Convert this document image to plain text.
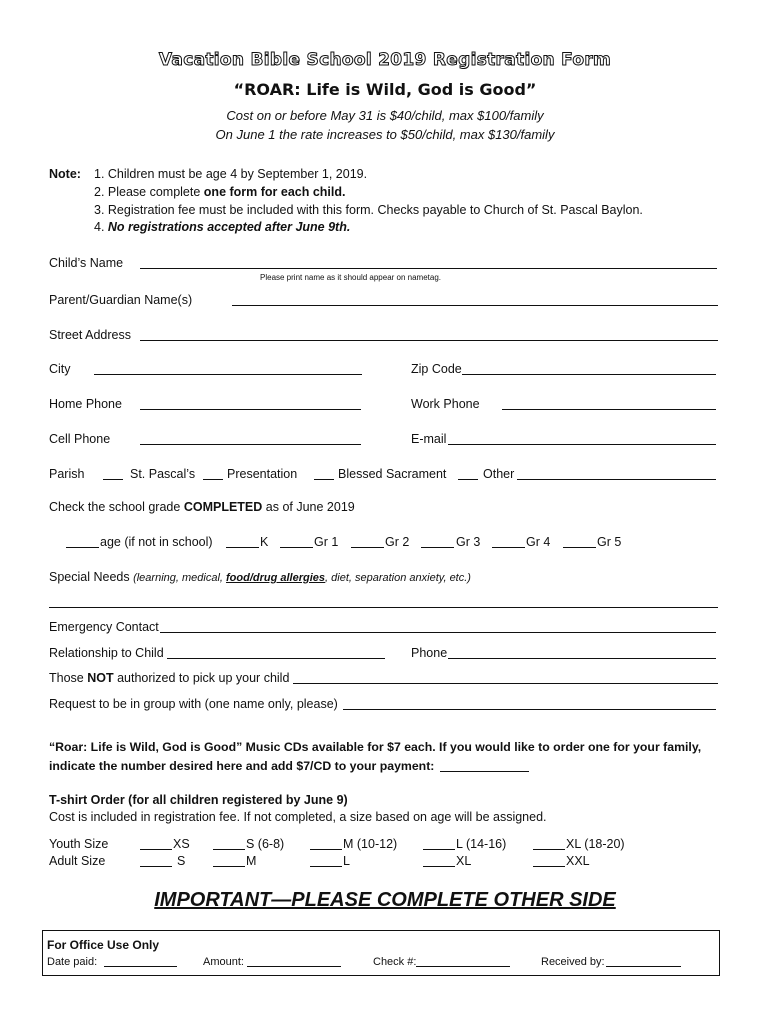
Vacation Bible School 2019 Registration Form
“ROAR: Life is Wild, God is Good”
Cost on or before May 31 is $40/child, max $100/family
On June 1 the rate increases to $50/child, max $130/family
Note: 1. Children must be age 4 by September 1, 2019.
2. Please complete one form for each child.
3. Registration fee must be included with this form. Checks payable to Church of St. Pascal Baylon.
4. No registrations accepted after June 9th.
Child’s Name
Please print name as it should appear on nametag.
Parent/Guardian Name(s)
Street Address
City	Zip Code
Home Phone	Work Phone
Cell Phone	E-mail
Parish	St. Pascal’s	Presentation	Blessed Sacrament	Other
Check the school grade COMPLETED as of June 2019
age (if not in school)	K	Gr 1	Gr 2	Gr 3	Gr 4	Gr 5
Special Needs (learning, medical, food/drug allergies, diet, separation anxiety, etc.)
Emergency Contact
Relationship to Child	Phone
Those NOT authorized to pick up your child
Request to be in group with (one name only, please)
“Roar: Life is Wild, God is Good” Music CDs available for $7 each. If you would like to order one for your family,
indicate the number desired here and add $7/CD to your payment:
T-shirt Order (for all children registered by June 9)
Cost is included in registration fee. If not completed, a size based on age will be assigned.
Youth Size	XS	S (6-8)	M (10-12)	L (14-16)	XL (18-20)
Adult Size	S	M	L	XL	XXL
IMPORTANT—PLEASE COMPLETE OTHER SIDE
For Office Use Only
Date paid:	Amount:	Check #:	Received by:
